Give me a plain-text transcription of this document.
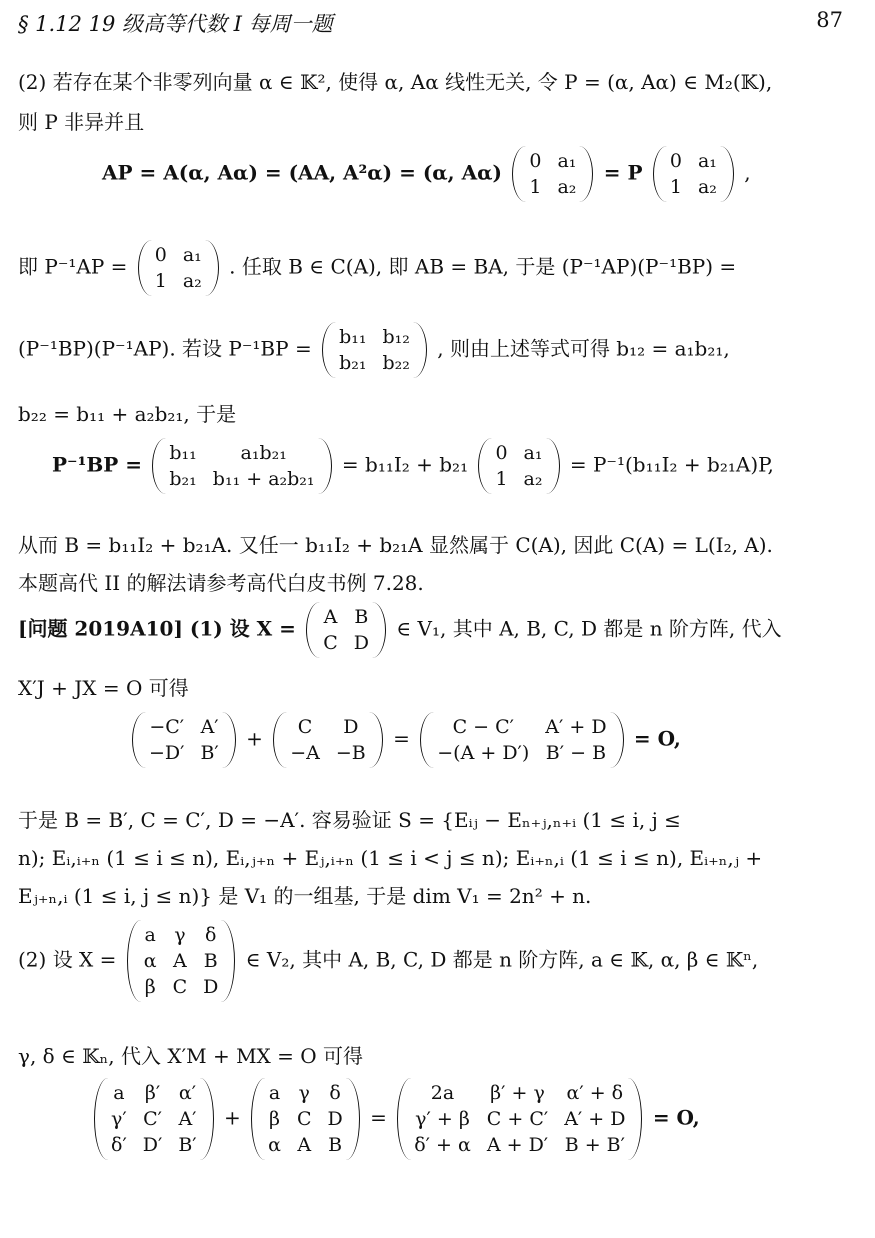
§ 1.12 19 级高等代数 I 每周一题	87
(2) 若存在某个非零列向量 α ∈ 𝕂², 使得 α, Aα 线性无关, 令 P = (α, Aα) ∈ M₂(𝕂),
则 P 非异并且
AP = A(α, Aα) = (AA, A²α) = (α, Aα) 0	a₁
1	a₂
= P 0	a₁
1	a₂
,
即 P⁻¹AP = 0	a₁
1	a₂
. 任取 B ∈ C(A), 即 AB = BA, 于是 (P⁻¹AP)(P⁻¹BP) =
(P⁻¹BP)(P⁻¹AP). 若设 P⁻¹BP = b₁₁	b₁₂
b₂₁	b₂₂
, 则由上述等式可得 b₁₂ = a₁b₂₁,
b₂₂ = b₁₁ + a₂b₂₁, 于是
P⁻¹BP = b₁₁	a₁b₂₁
b₂₁	b₁₁ + a₂b₂₁
= b₁₁I₂ + b₂₁ 0	a₁
1	a₂
= P⁻¹(b₁₁I₂ + b₂₁A)P,
从而 B = b₁₁I₂ + b₂₁A. 又任一 b₁₁I₂ + b₂₁A 显然属于 C(A), 因此 C(A) = L(I₂, A).
本题高代 II 的解法请参考高代白皮书例 7.28.
[问题 2019A10] (1) 设 X = A	B
C	D
∈ V₁, 其中 A, B, C, D 都是 n 阶方阵, 代入
X′J + JX = O 可得
−C′	A′
−D′	B′
+ C	D
−A	−B
= C − C′	A′ + D
−(A + D′)	B′ − B
= O,
于是 B = B′, C = C′, D = −A′. 容易验证 S = {Eᵢⱼ − Eₙ₊ⱼ,ₙ₊ᵢ (1 ≤ i, j ≤
n); Eᵢ,ᵢ₊ₙ (1 ≤ i ≤ n), Eᵢ,ⱼ₊ₙ + Eⱼ,ᵢ₊ₙ (1 ≤ i < j ≤ n); Eᵢ₊ₙ,ᵢ (1 ≤ i ≤ n), Eᵢ₊ₙ,ⱼ +
Eⱼ₊ₙ,ᵢ (1 ≤ i, j ≤ n)} 是 V₁ 的一组基, 于是 dim V₁ = 2n² + n.
(2) 设 X =
a	γ	δ
α	A	B
β	C	D
∈ V₂, 其中 A, B, C, D 都是 n 阶方阵, a ∈ 𝕂, α, β ∈ 𝕂ⁿ,
γ, δ ∈ 𝕂ₙ, 代入 X′M + MX = O 可得
a	β′	α′
γ′	C′	A′
δ′	D′	B′
+
a	γ	δ
β	C	D
α	A	B
=
2a	β′ + γ	α′ + δ
γ′ + β	C + C′	A′ + D
δ′ + α	A + D′	B + B′
= O,
